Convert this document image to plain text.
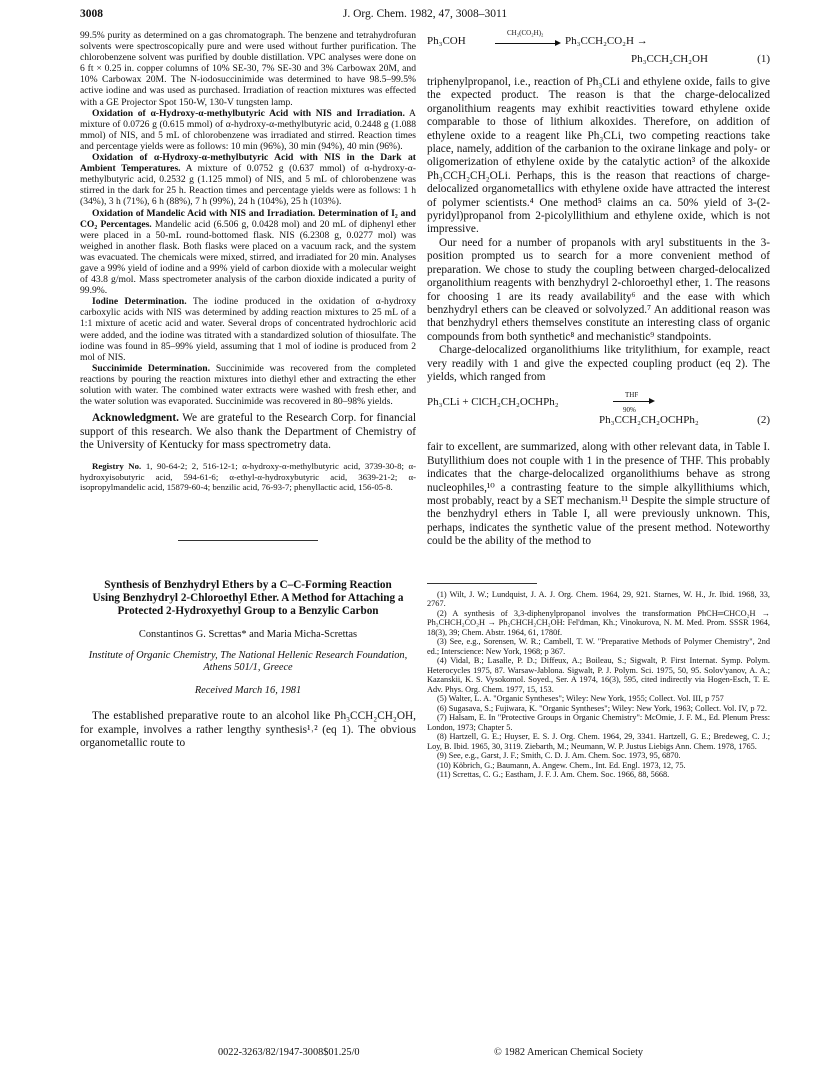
3008	J. Org. Chem. 1982, 47, 3008–3011

99.5% purity as determined on a gas chromatograph. The benzene and tetrahydrofuran solvents were spectroscopically pure and were used without further purification. The chlorobenzene solvent was purified by double distillation. VPC analyses were done on 6 ft × 0.25 in. copper columns of 10% SE-30, 7% SE-30 and 3% Carbowax 20M, and 10% Carbowax 20M. The N-iodosuccinimide was determined to have 98.5–99.5% active iodine and was used as purchased. Irradiation of reaction mixtures was effected with a GE Projector Spot 150-W, 130-V tungsten lamp.

Oxidation of α-Hydroxy-α-methylbutyric Acid with NIS and Irradiation. A mixture of 0.0726 g (0.615 mmol) of α-hydroxy-α-methylbutyric acid, 0.2448 g (1.088 mmol) of NIS, and 5 mL of chlorobenzene was irradiated and stirred. Reaction times and percentage yields were as follows: 10 min (96%), 30 min (94%), 40 min (96%).

Oxidation of α-Hydroxy-α-methylbutyric Acid with NIS in the Dark at Ambient Temperatures. A mixture of 0.0752 g (0.637 mmol) of α-hydroxy-α-methylbutyric acid, 0.2532 g (1.125 mmol) of NIS, and 5 mL of chlorobenzene was stirred in the dark for 25 h. Reaction times and percentage yields were as follows: 1 h (34%), 3 h (71%), 6 h (88%), 7 h (99%), 24 h (104%), 25 h (103%).

Oxidation of Mandelic Acid with NIS and Irradiation. Determination of I₂ and CO₂ Percentages. Mandelic acid (6.506 g, 0.0428 mol) and 20 mL of diphenyl ether were placed in a 50-mL round-bottomed flask. NIS (6.2308 g, 0.0277 mol) was weighed in another flask. Both flasks were placed on a vacuum rack, and the system was evacuated. The chemicals were mixed, stirred, and irradiated for 20 min. Analyses gave a 99% yield of iodine and a 99% yield of carbon dioxide with a molecular weight of 43.8 g/mol. Mass spectrometer analysis of the carbon dioxide indicated a purity of 99.9%.

Iodine Determination. The iodine produced in the oxidation of α-hydroxy carboxylic acids with NIS was determined by adding reaction mixtures to 25 mL of a 1:1 mixture of acetic acid and water. Several drops of concentrated hydrochloric acid were added, and the iodine was titrated with a standardized solution of thiosulfate. The iodine was found in 85–99% yield, assuming that 1 mol of iodine is produced from 2 mol of NIS.

Succinimide Determination. Succinimide was recovered from the completed reactions by pouring the reaction mixtures into diethyl ether and extracting the ether solution with water. The combined water extracts were washed with fresh ether, and the water solution was evaporated. Succinimide was recovered in 80–98% yields.

Acknowledgment. We are grateful to the Research Corp. for financial support of this research. We also thank the Department of Chemistry of the University of Kentucky for mass spectrometry data.

Registry No. 1, 90-64-2; 2, 516-12-1; α-hydroxy-α-methylbutyric acid, 3739-30-8; α-hydroxyisobutyric acid, 594-61-6; α-ethyl-α-hydroxybutyric acid, 3639-21-2; α-isopropylmandelic acid, 15879-60-4; benzilic acid, 76-93-7; phenyllactic acid, 156-05-8.

Synthesis of Benzhydryl Ethers by a C–C-Forming Reaction Using Benzhydryl 2-Chloroethyl Ether. A Method for Attaching a Protected 2-Hydroxyethyl Group to a Benzylic Carbon
Constantinos G. Screttas* and Maria Micha-Screttas
Institute of Organic Chemistry, The National Hellenic Research Foundation, Athens 501/1, Greece
Received March 16, 1981

The established preparative route to an alcohol like Ph₃CCH₂CH₂OH, for example, involves a rather lengthy synthesis¹˒² (eq 1). The obvious organometallic route to

Ph₃COH
CH₂(CO₂H)₂
Ph₃CCH₂CO₂H →
Ph₃CCH₂CH₂OH	(1)

triphenylpropanol, i.e., reaction of Ph₃CLi and ethylene oxide, fails to give the expected product. The reason is that the charge-delocalized organolithium reagents may exhibit reactivities toward ethylene oxide comparable to those of lithium alkoxides. Therefore, on addition of ethylene oxide to a reagent like Ph₃CLi, two competing reactions take place, namely, addition of the carbanion to the oxirane linkage and poly- or oligomerization of ethylene oxide by the catalytic action³ of the alkoxide Ph₃CCH₂CH₂OLi. Perhaps, this is the reason that reactions of charge-delocalized organometallics with ethylene oxide have attracted the interest of polymer scientists.⁴ One method⁵ claims an ca. 50% yield of 3-(2-pyridyl)propanol from 2-picolyllithium and ethylene oxide, which is not impressive.

Our need for a number of propanols with aryl substituents in the 3-position prompted us to search for a more convenient method of preparation. We chose to study the coupling between charged-delocalized organolithium reagents with benzhydryl 2-chloroethyl ether, 1. The reasons for choosing 1 are its ready availability⁶ and the ease with which benzhydryl ethers can be cleaved or solvolyzed.⁷ An additional reason was that benzhydryl ethers themselves constitute an interesting class of organic compounds from both synthetic⁸ and mechanistic⁹ standpoints.

Charge-delocalized organolithiums like tritylithium, for example, react very readily with 1 and give the expected coupling product (eq 2). The yields, which ranged from

Ph₃CLi + ClCH₂CH₂OCHPh₂
THF
90%
Ph₃CCH₂CH₂OCHPh₂	(2)

fair to excellent, are summarized, along with other relevant data, in Table I. Butyllithium does not couple with 1 in the presence of THF. This probably indicates that the charge-delocalized organolithiums behave as strong nucleophiles,¹⁰ a contrasting feature to the simple alkyllithiums which, most probably, react by a SET mechanism.¹¹ Despite the simple structure of the benzhydryl ethers in Table I, all were previously unknown. This, perhaps, indicates the synthetic value of the present method. Noteworthy could be the ability of the method to

(1) Wilt, J. W.; Lundquist, J. A. J. Org. Chem. 1964, 29, 921. Starnes, W. H., Jr. Ibid. 1968, 33, 2767.
(2) A synthesis of 3,3-diphenylpropanol involves the transformation PhCH═CHCO₂H → Ph₂CHCH₂CO₂H → Ph₂CHCH₂CH₂OH: Fel'dman, Kh.; Vinokurova, N. M. Med. Prom. SSSR 1964, 18(3), 39; Chem. Abstr. 1964, 61, 1780f.
(3) See, e.g., Sorensen, W. R.; Cambell, T. W. "Preparative Methods of Polymer Chemistry", 2nd ed.; Interscience: New York, 1968; p 367.
(4) Vidal, B.; Lasalle, P. D.; Diffeux, A.; Boileau, S.; Sigwalt, P. First Internat. Symp. Polym. Heterocycles 1975, 87. Warsaw-Jablona. Sigwalt, P. J. Polym. Sci. 1975, 50, 95. Solov'yanov, A. A.; Kazanskii, K. S. Vysokomol. Soyed., Ser. A 1974, 16(3), 595, cited indirectly via Hogen-Esch, T. E. Adv. Phys. Org. Chem. 1977, 15, 153.
(5) Walter, L. A. "Organic Syntheses"; Wiley: New York, 1955; Collect. Vol. III, p 757
(6) Sugasava, S.; Fujiwara, K. "Organic Syntheses"; Wiley: New York, 1963; Collect. Vol. IV, p 72.
(7) Halsam, E. In "Protective Groups in Organic Chemistry": McOmie, J. F. M., Ed. Plenum Press: London, 1973; Chapter 5.
(8) Hartzell, G. E.; Huyser, E. S. J. Org. Chem. 1964, 29, 3341. Hartzell, G. E.; Bredeweg, C. J.; Loy, B. Ibid. 1965, 30, 3119. Ziebarth, M.; Neumann, W. P. Justus Liebigs Ann. Chem. 1978, 1765.
(9) See, e.g., Garst, J. F.; Smith, C. D. J. Am. Chem. Soc. 1973, 95, 6870.
(10) Köbrich, G.; Baumann, A. Angew. Chem., Int. Ed. Engl. 1973, 12, 75.
(11) Screttas, C. G.; Eastham, J. F. J. Am. Chem. Soc. 1966, 88, 5668.
0022-3263/82/1947-3008$01.25/0	© 1982 American Chemical Society
